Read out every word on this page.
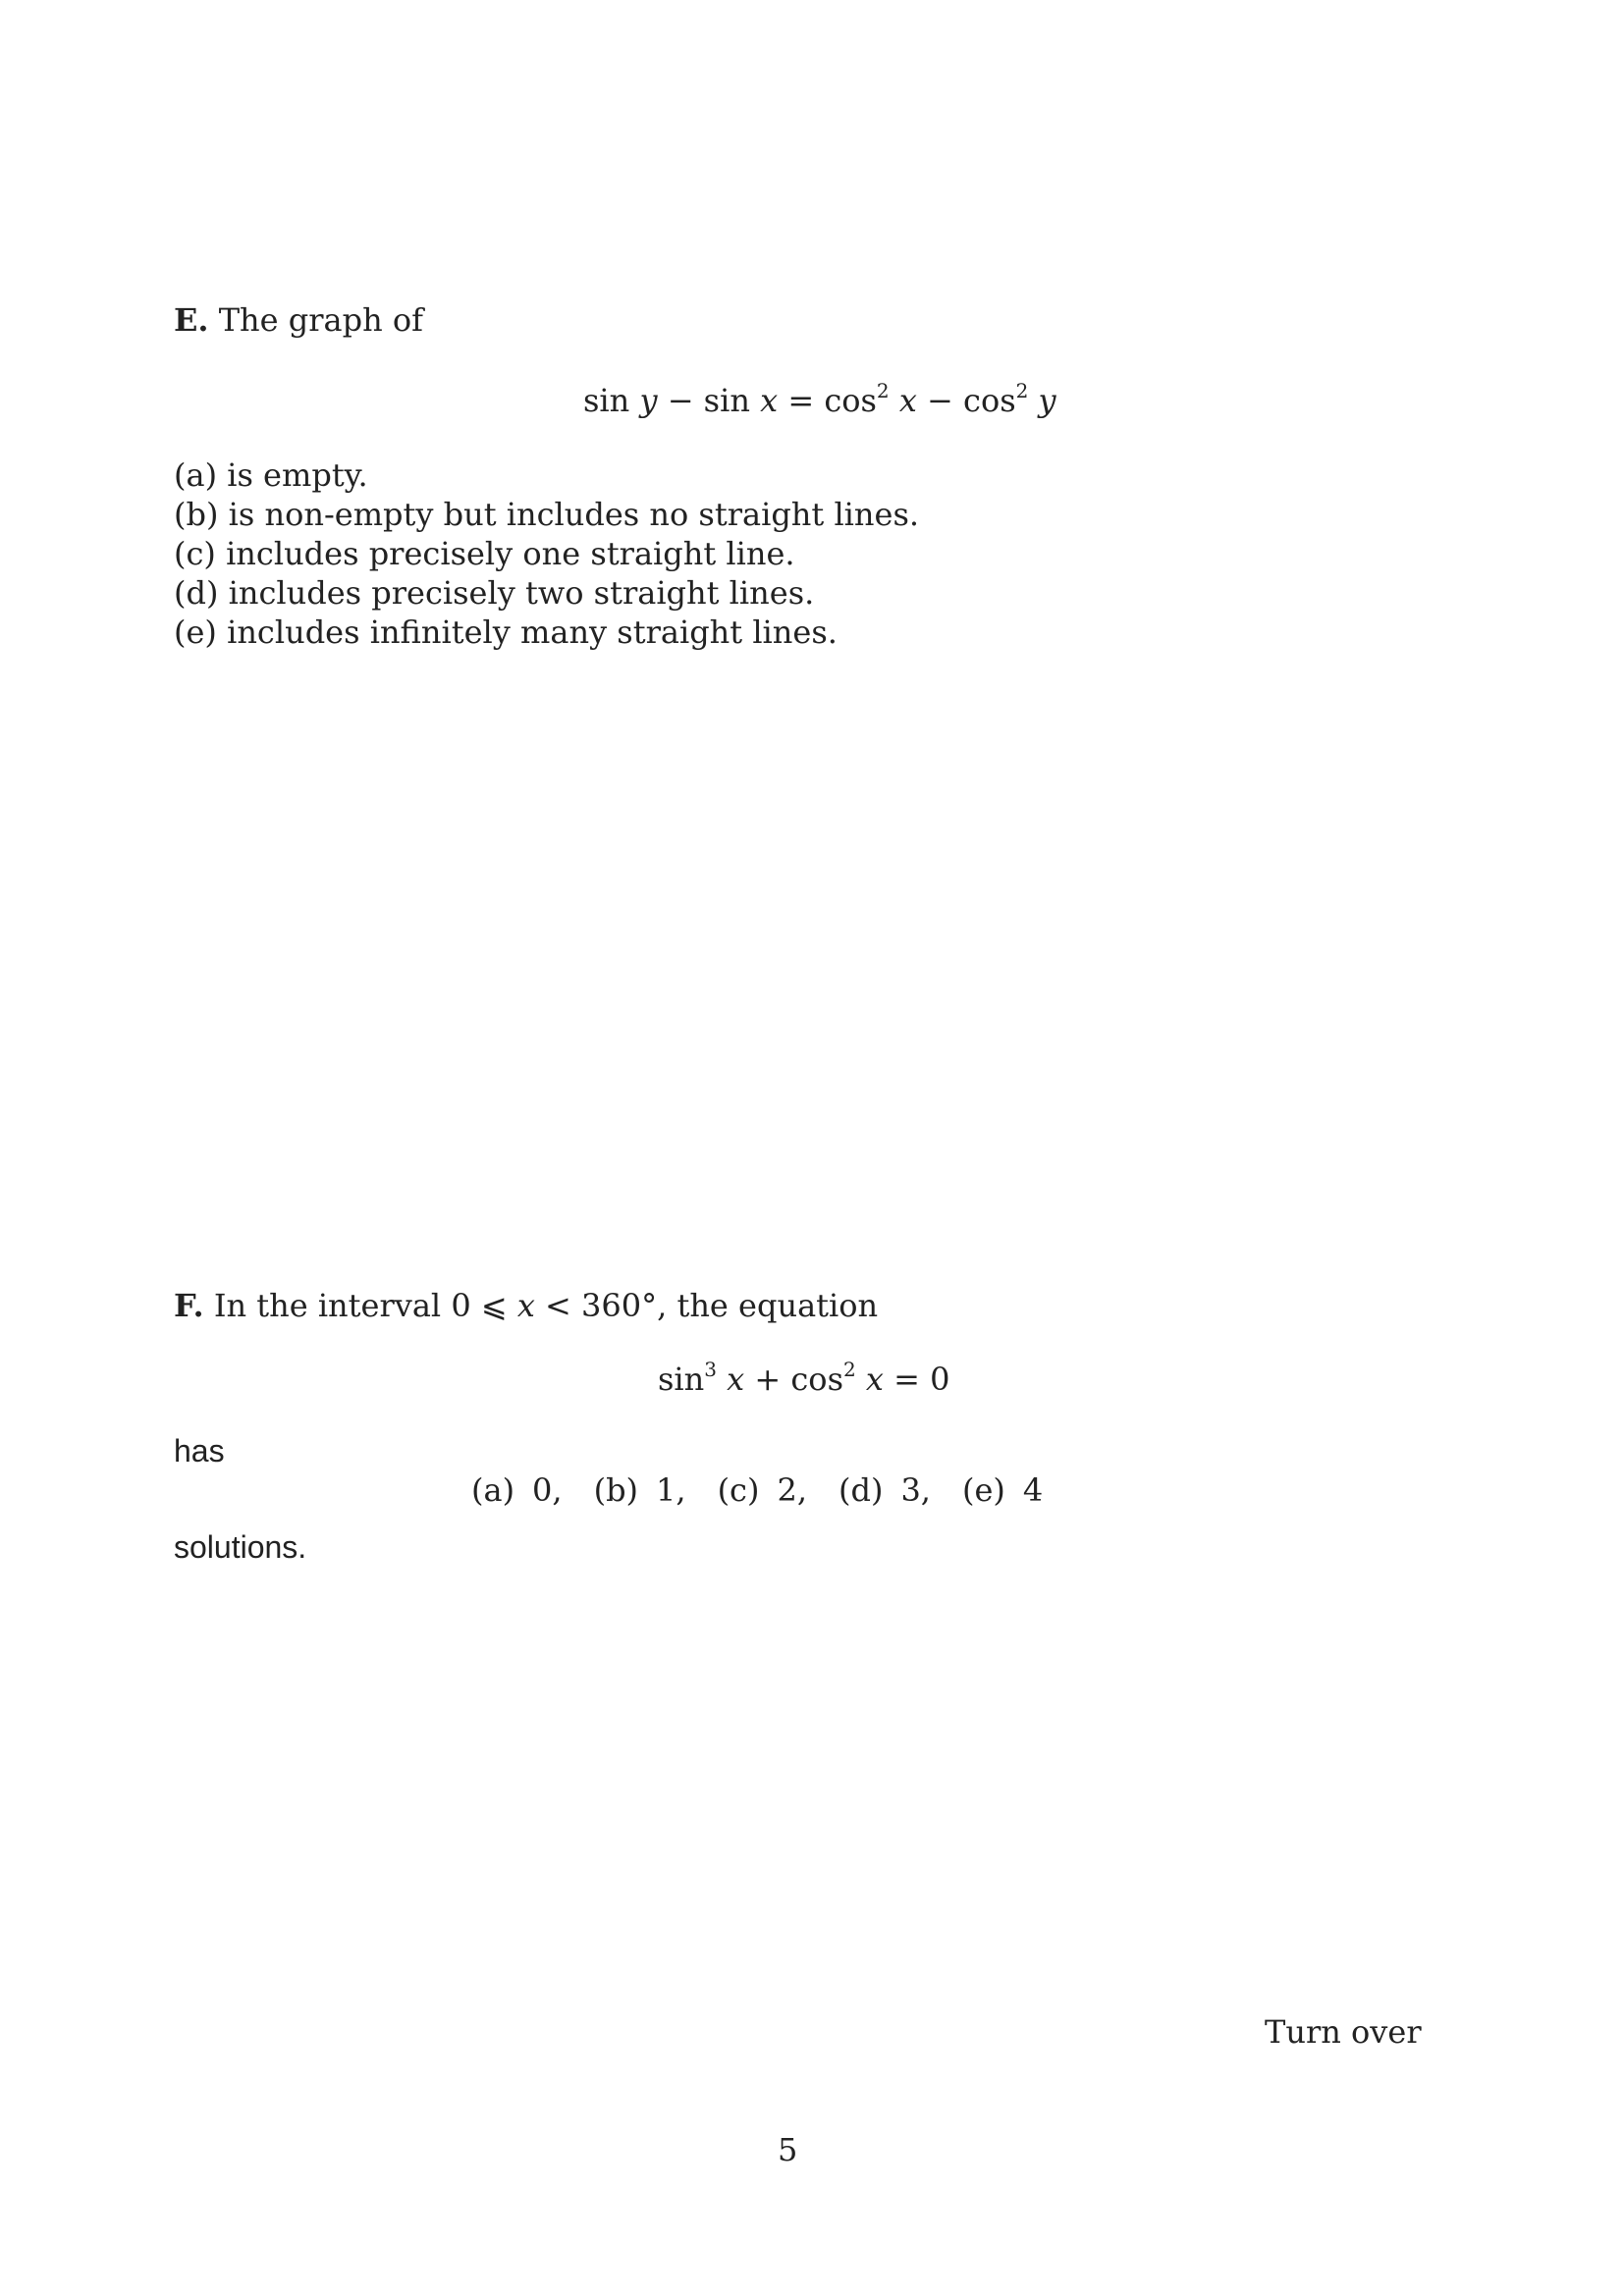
E. The graph of
$\sin y - \sin x = \cos^2 x - \cos^2 y$
(a) is empty.
(b) is non-empty but includes no straight lines.
(c) includes precisely one straight line.
(d) includes precisely two straight lines.
(e) includes infinitely many straight lines.
F. In the interval 0 ⩽ x < 360°, the equation
$\sin^3 x + \cos^2 x = 0$
has
(a) 0, (b) 1, (c) 2, (d) 3, (e) 4
solutions.
Turn over
5
